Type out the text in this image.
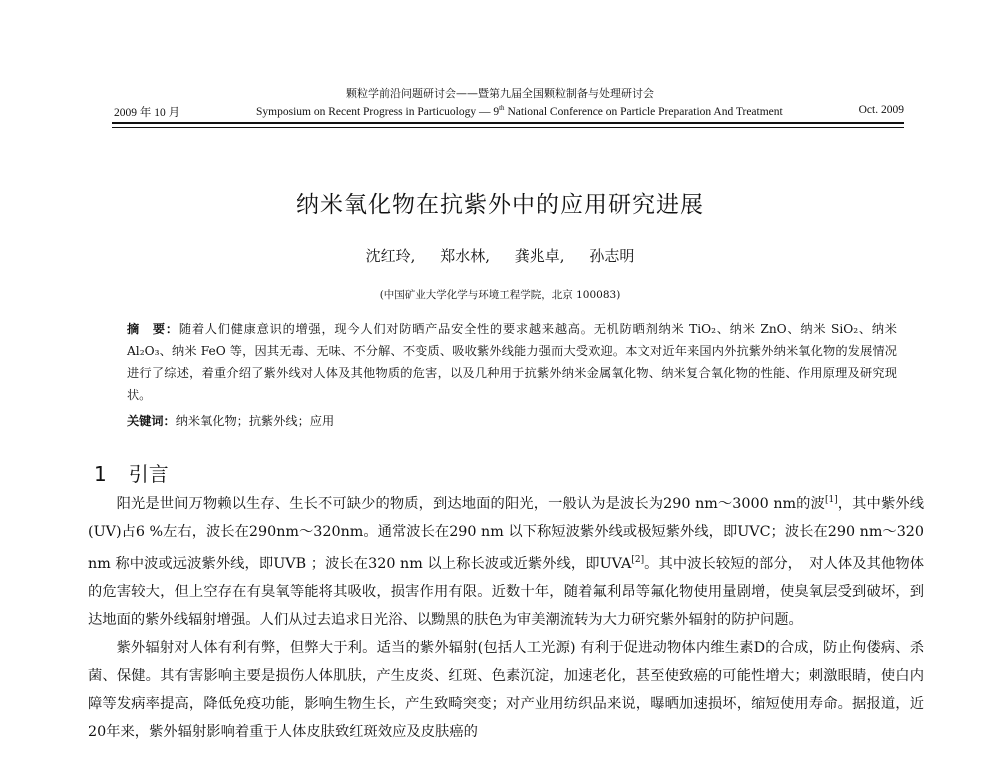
颗粒学前沿问题研讨会——暨第九届全国颗粒制备与处理研讨会
2009 年 10 月	Symposium on Recent Progress in Particuology — 9th National Conference on Particle Preparation And Treatment	Oct. 2009
纳米氧化物在抗紫外中的应用研究进展
沈红玲, 郑水林, 龚兆卓, 孙志明
(中国矿业大学化学与环境工程学院，北京 100083)
摘　要：随着人们健康意识的增强，现今人们对防晒产品安全性的要求越来越高。无机防晒剂纳米 TiO₂、纳米 ZnO、纳米 SiO₂、纳米 Al₂O₃、纳米 FeO 等，因其无毒、无味、不分解、不变质、吸收紫外线能力强而大受欢迎。本文对近年来国内外抗紫外纳米氧化物的发展情况进行了综述，着重介绍了紫外线对人体及其他物质的危害，以及几种用于抗紫外纳米金属氧化物、纳米复合氧化物的性能、作用原理及研究现状。
关键词：纳米氧化物；抗紫外线；应用
1 引言

阳光是世间万物赖以生存、生长不可缺少的物质，到达地面的阳光，一般认为是波长为290 nm～3000 nm的波[1]，其中紫外线(UV)占6 %左右，波长在290nm～320nm。通常波长在290 nm 以下称短波紫外线或极短紫外线，即UVC；波长在290 nm～320 nm 称中波或远波紫外线，即UVB ；波长在320 nm 以上称长波或近紫外线，即UVA[2]。其中波长较短的部分，　对人体及其他物体的危害较大，但上空存在有臭氧等能将其吸收，损害作用有限。近数十年，随着氟利昂等氟化物使用量剧增，使臭氧层受到破坏，到达地面的紫外线辐射增强。人们从过去追求日光浴、以黝黑的肤色为审美潮流转为大力研究紫外辐射的防护问题。

紫外辐射对人体有利有弊，但弊大于利。适当的紫外辐射(包括人工光源) 有利于促进动物体内维生素D的合成，防止佝偻病、杀菌、保健。其有害影响主要是损伤人体肌肤，产生皮炎、红斑、色素沉淀，加速老化，甚至使致癌的可能性增大；刺激眼睛，使白内障等发病率提高，降低免疫功能，影响生物生长，产生致畸突变；对产业用纺织品来说，曝晒加速损坏，缩短使用寿命。据报道，近20年来，紫外辐射影响着重于人体皮肤致红斑效应及皮肤癌的
